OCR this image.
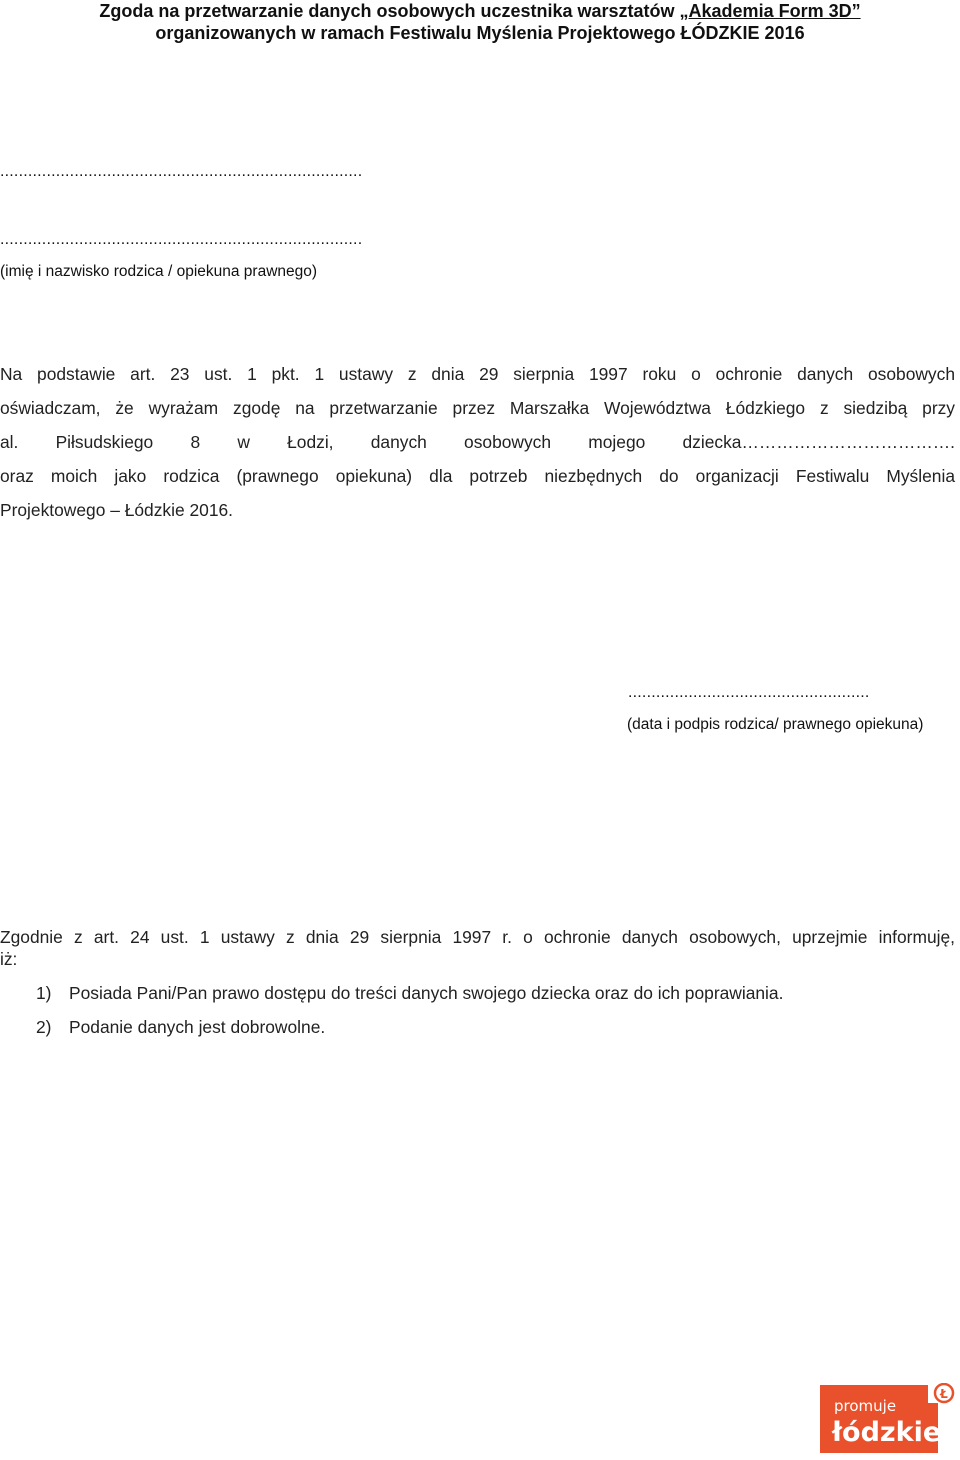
Zgoda na przetwarzanie danych osobowych uczestnika warsztatów „Akademia Form 3D”
organizowanych w ramach Festiwalu Myślenia Projektowego ŁÓDZKIE 2016
..............................................................................
..............................................................................
(imię i nazwisko rodzica / opiekuna prawnego)
Na podstawie art. 23 ust. 1 pkt. 1 ustawy z dnia 29 sierpnia 1997 roku o ochronie danych osobowych
oświadczam, że wyrażam zgodę na przetwarzanie przez Marszałka Województwa Łódzkiego z siedzibą przy
al. Piłsudskiego 8 w Łodzi, danych osobowych mojego dziecka……………………………….
oraz moich jako rodzica (prawnego opiekuna) dla potrzeb niezbędnych do organizacji Festiwalu Myślenia
Projektowego – Łódzkie 2016.
....................................................
(data i podpis rodzica/ prawnego opiekuna)
Zgodnie z art. 24 ust. 1 ustawy z dnia 29 sierpnia 1997 r. o ochronie danych osobowych, uprzejmie informuję,
iż:
1) Posiada Pani/Pan prawo dostępu do treści danych swojego dziecka oraz do ich poprawiania.
2) Podanie danych jest dobrowolne.
Ł
promuje
łódzkie
